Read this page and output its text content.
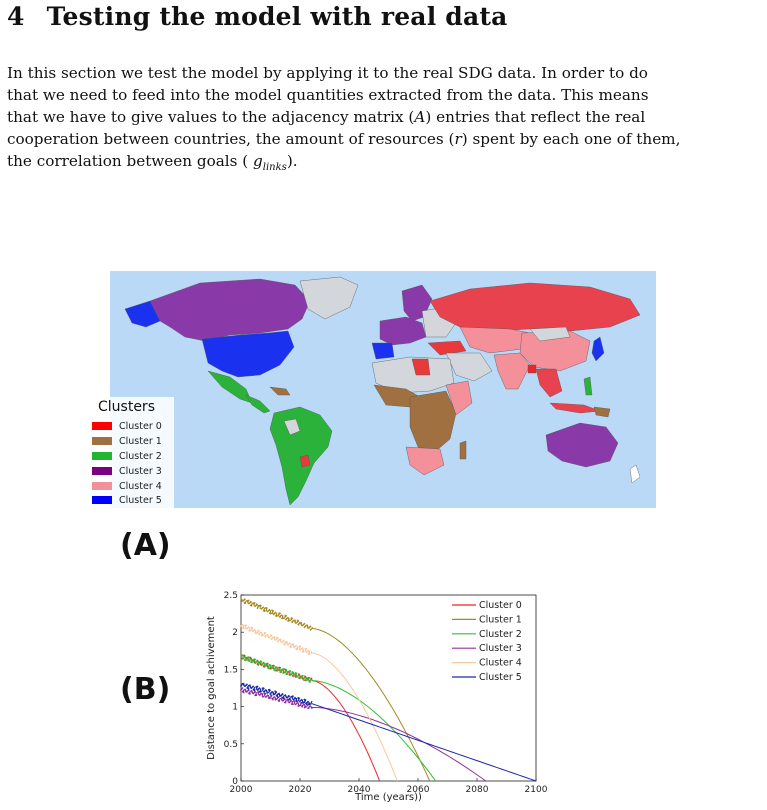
4 Testing the model with real data

In this section we test the model by applying it to the real SDG data. In order to do
that we need to feed into the model quantities extracted from the data. This means
that we have to give values to the adjacency matrix (A) entries that reflect the real
cooperation between countries, the amount of resources (r) spent by each one of them,
the correlation between goals ( $g_{links}$).

Clusters
Cluster 0
Cluster 1
Cluster 2
Cluster 3
Cluster 4
Cluster 5
(A)
(B)
2000	2020	2040	2060	2080	2100
0
0.5
1
1.5
2
2.5
Time (years))
Distance to goal achivement
Cluster 0
Cluster 1
Cluster 2
Cluster 3
Cluster 4
Cluster 5
